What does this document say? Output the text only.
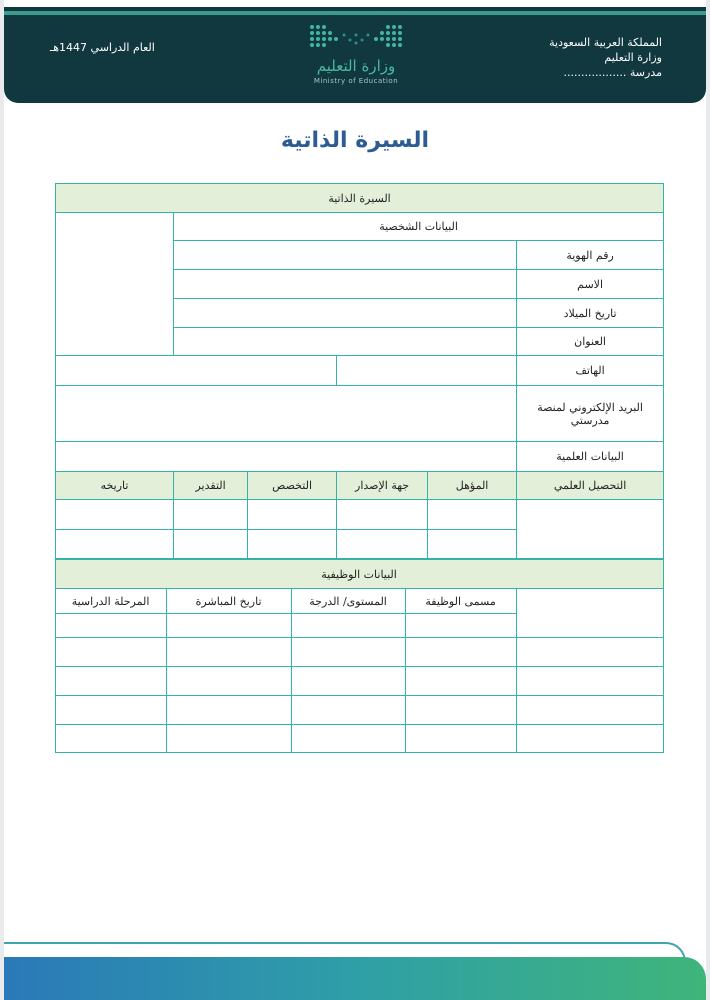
المملكة العربية السعودية
وزارة التعليم
مدرسة ..................
وزارة التعليم
Ministry of Education
العام الدراسي 1447هـ
السيرة الذاتية
السيرة الذاتية
البيانات الشخصية	
رقم الهوية	
الاسم	
تاريخ الميلاد	
العنوان	
الهاتف		
البريد الإلكتروني لمنصة مدرستي	
البيانات العلمية	
التحصيل العلمي	المؤهل	جهة الإصدار	التخصص	التقدير	تاريخه

البيانات الوظيفية
	مسمى الوظيفة	المستوى/ الدرجة	تاريخ المباشرة	المرحلة الدراسية
